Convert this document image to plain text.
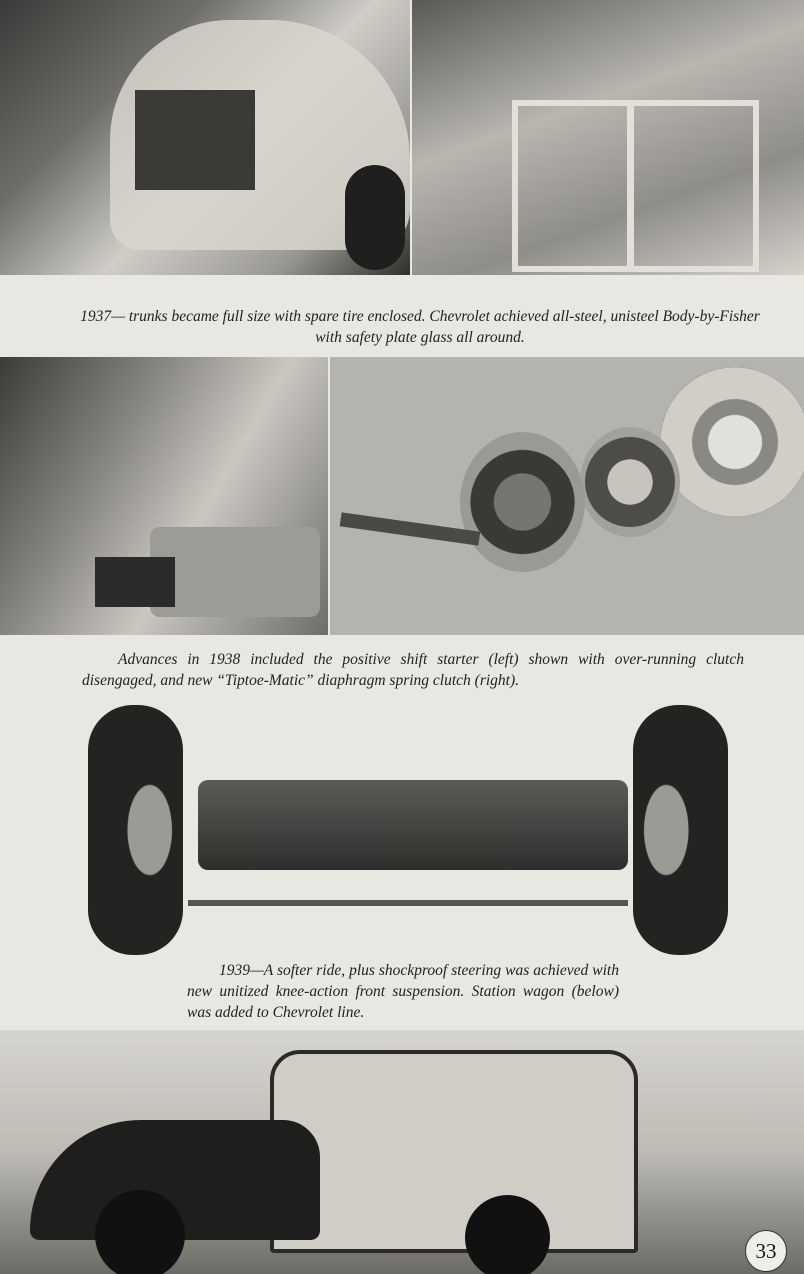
1937— trunks became full size with spare tire enclosed. Chevrolet achieved all-steel, unisteel Body-by-Fisher with safety plate glass all around.
Advances in 1938 included the positive shift starter (left) shown with over-running clutch disengaged, and new “Tiptoe-Matic” diaphragm spring clutch (right).
1939—A softer ride, plus shockproof steering was achieved with new unitized knee-action front suspension. Station wagon (below) was added to Chevrolet line.
33
